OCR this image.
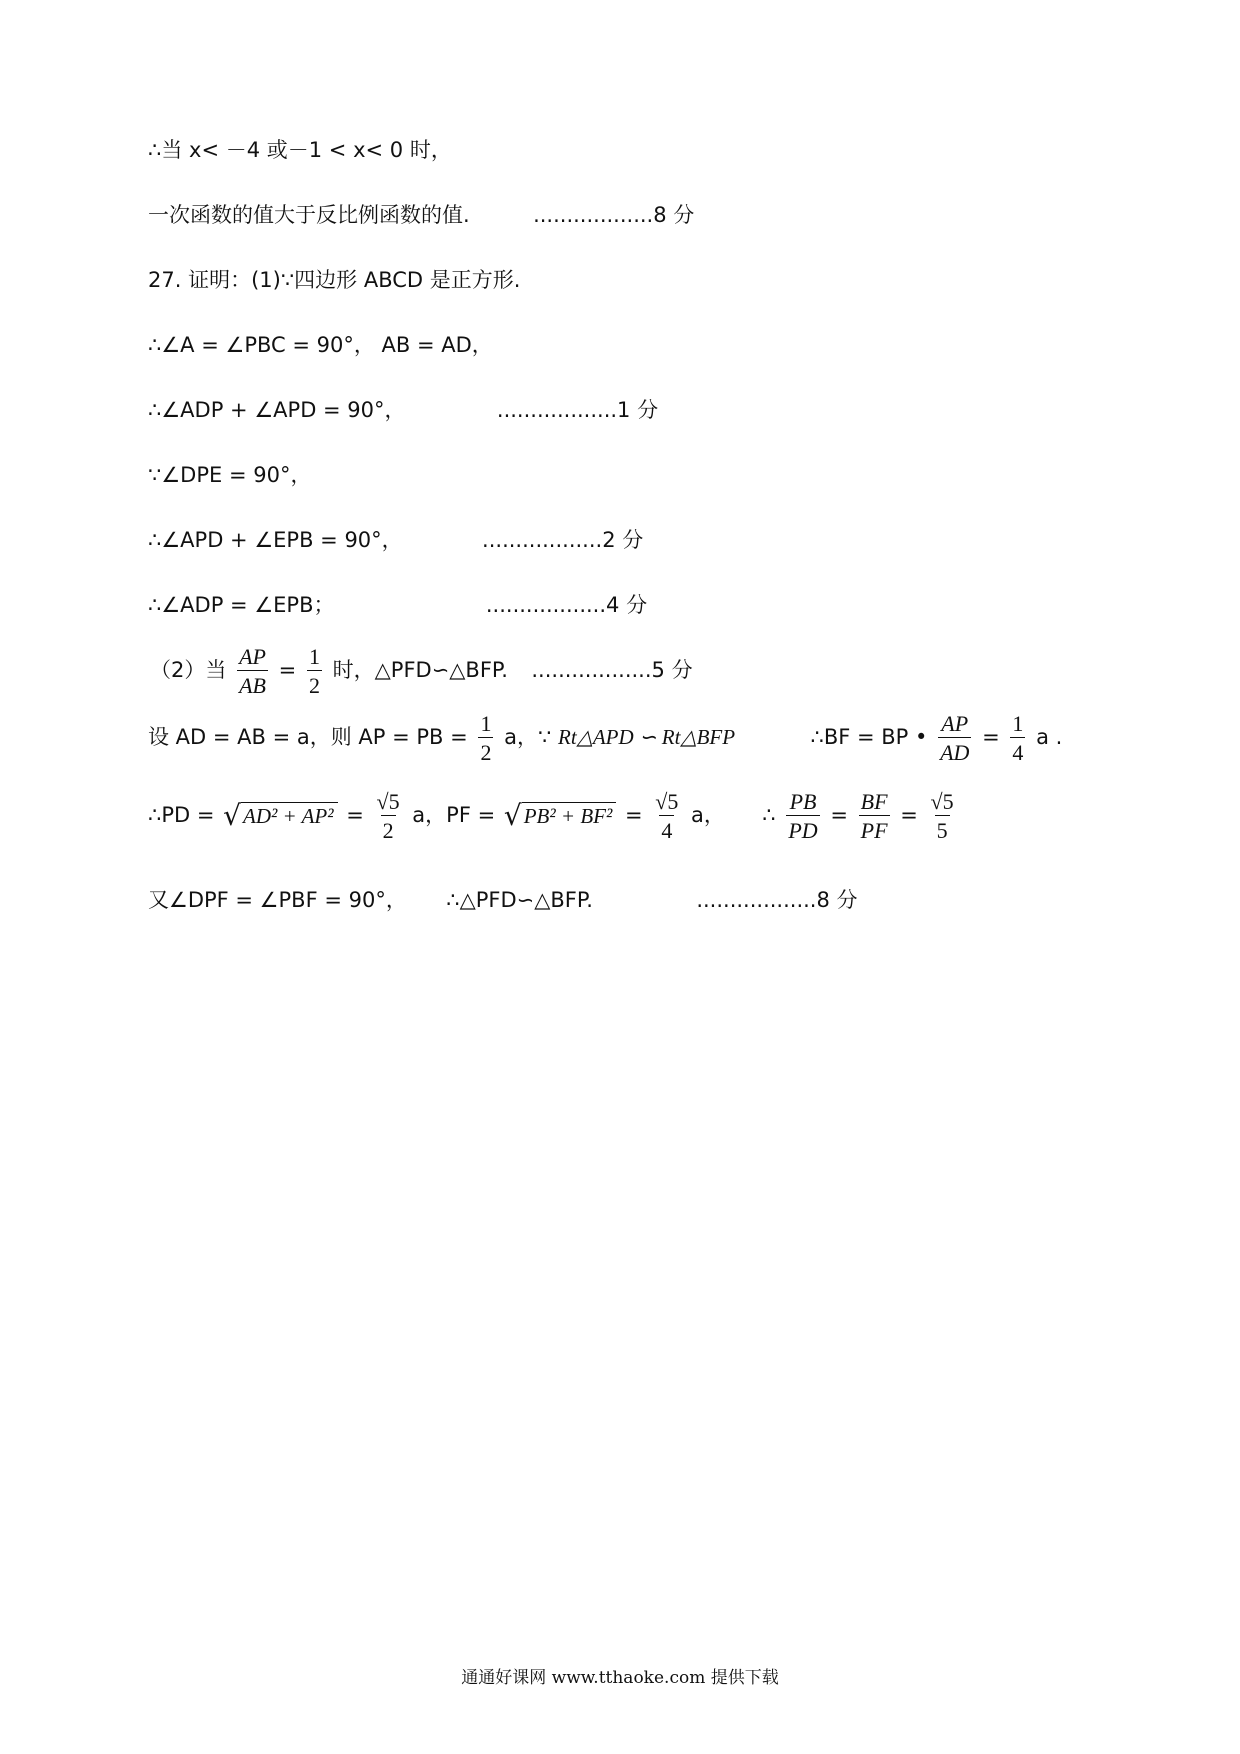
∴当 x< －4 或－1 < x< 0 时，
一次函数的值大于反比例函数的值.	..................8 分
27. 证明：(1)∵四边形 ABCD 是正方形.
∴∠A = ∠PBC = 90°， AB = AD，
∴∠ADP + ∠APD = 90°，	..................1 分
∵∠DPE = 90°，
∴∠APD + ∠EPB = 90°，	..................2 分
∴∠ADP = ∠EPB；	..................4 分
（2）当 $\frac{AP}{AB} = \frac{1}{2}$ 时，△PFD∽△BFP. ..................5 分
设 AD = AB = a，则 AP = PB = $\frac{1}{2}$ a，∵ Rt△APD ∽ Rt△BFP	∴BF = BP • $\frac{AP}{AD} = \frac{1}{4}$ a .
∴PD = √ $AD^2 + AP^2 = \frac{√5}{2}$ a，PF = √ $PB^2 + BF^2 = \frac{√5}{4}$ a， ∴ $\frac{PB}{PD} = \frac{BF}{PF} = \frac{√5}{5}$
又∠DPF = ∠PBF = 90°， ∴△PFD∽△BFP.	..................8 分
通通好课网 www.tthaoke.com 提供下载
